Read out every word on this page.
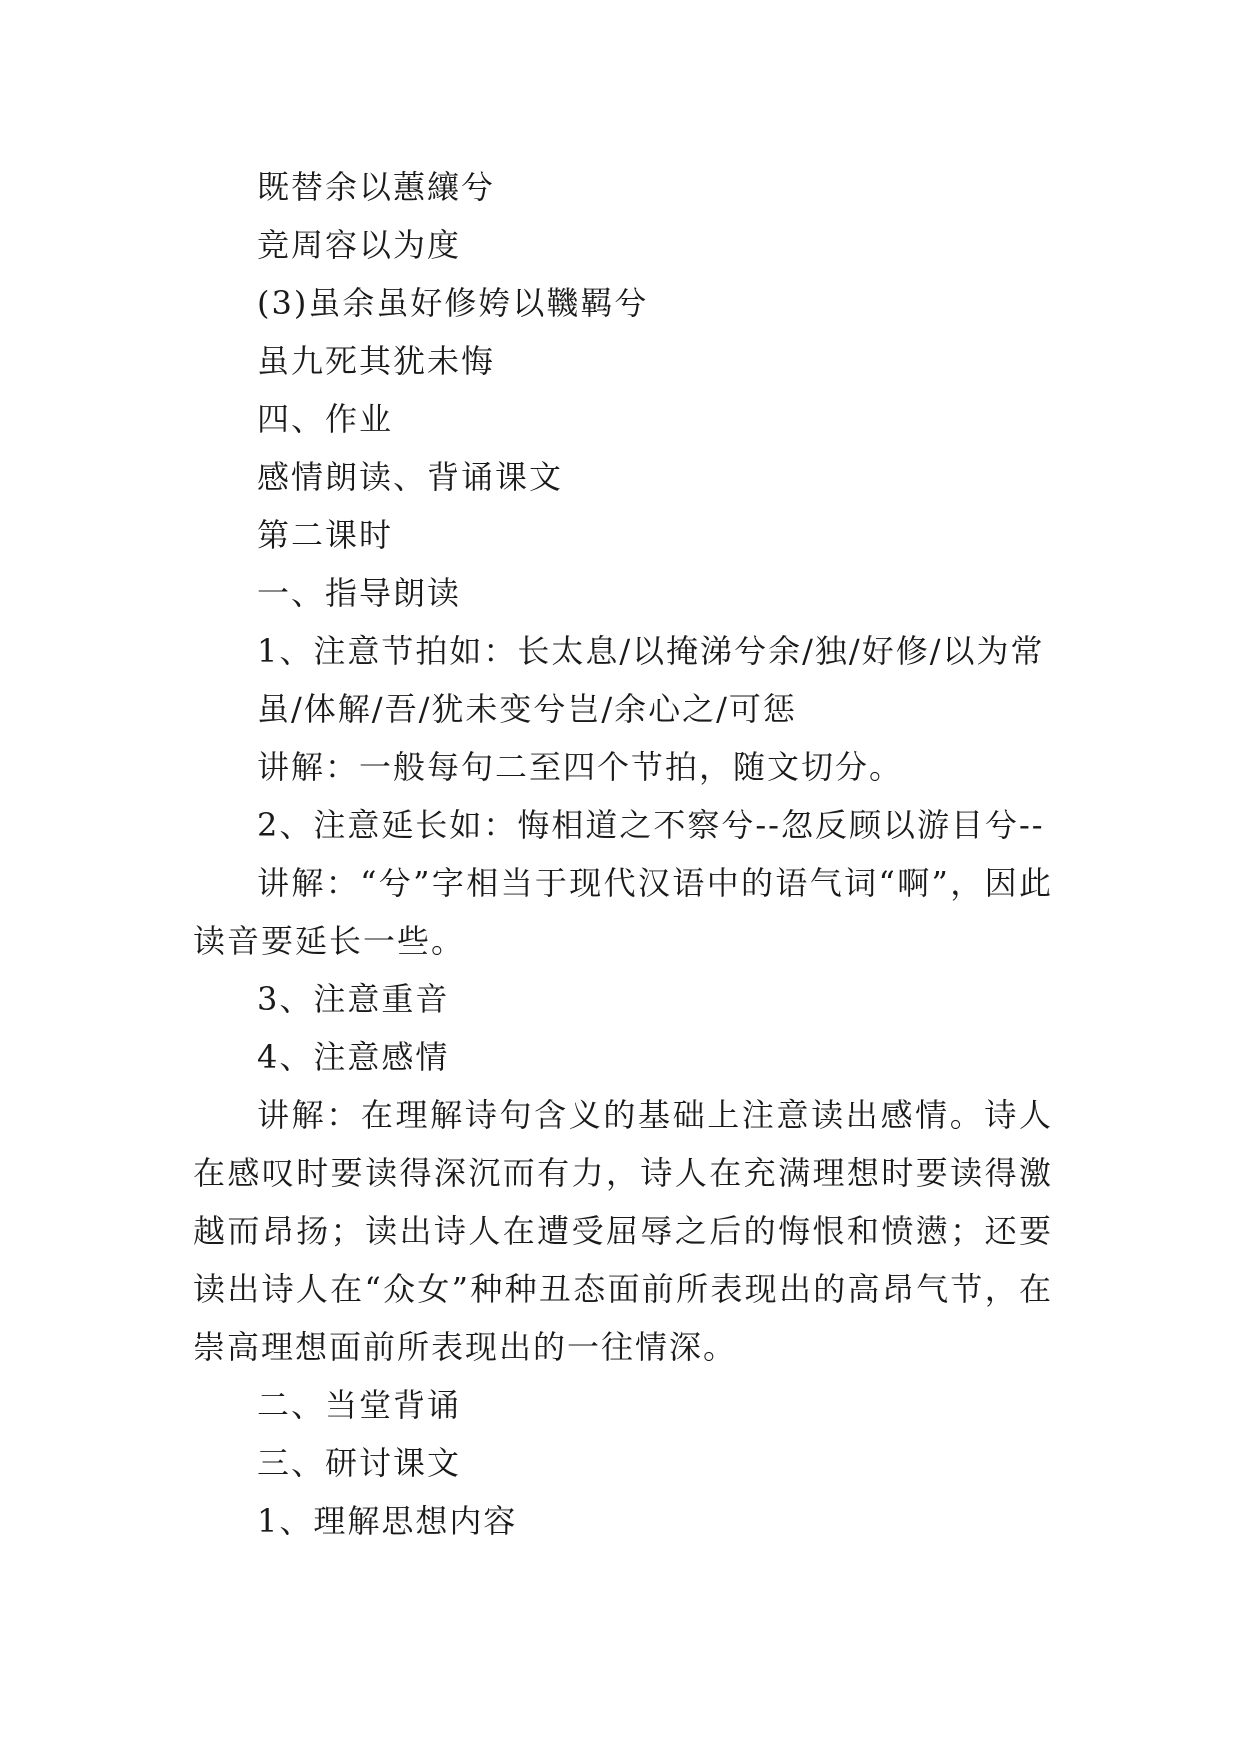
既替余以蕙纕兮

竞周容以为度

(3)虽余虽好修姱以鞿羁兮

虽九死其犹未悔

四、作业

感情朗读、背诵课文

第二课时

一、指导朗读

1、注意节拍如：长太息/以掩涕兮余/独/好修/以为常

虽/体解/吾/犹未变兮岂/余心之/可惩

讲解：一般每句二至四个节拍，随文切分。

2、注意延长如：悔相道之不察兮--忽反顾以游目兮--

讲解：“兮”字相当于现代汉语中的语气词“啊”，因此读音要延长一些。

3、注意重音

4、注意感情

讲解：在理解诗句含义的基础上注意读出感情。诗人在感叹时要读得深沉而有力，诗人在充满理想时要读得激越而昂扬；读出诗人在遭受屈辱之后的悔恨和愤懑；还要读出诗人在“众女”种种丑态面前所表现出的高昂气节，在崇高理想面前所表现出的一往情深。

二、当堂背诵

三、研讨课文

1、理解思想内容
